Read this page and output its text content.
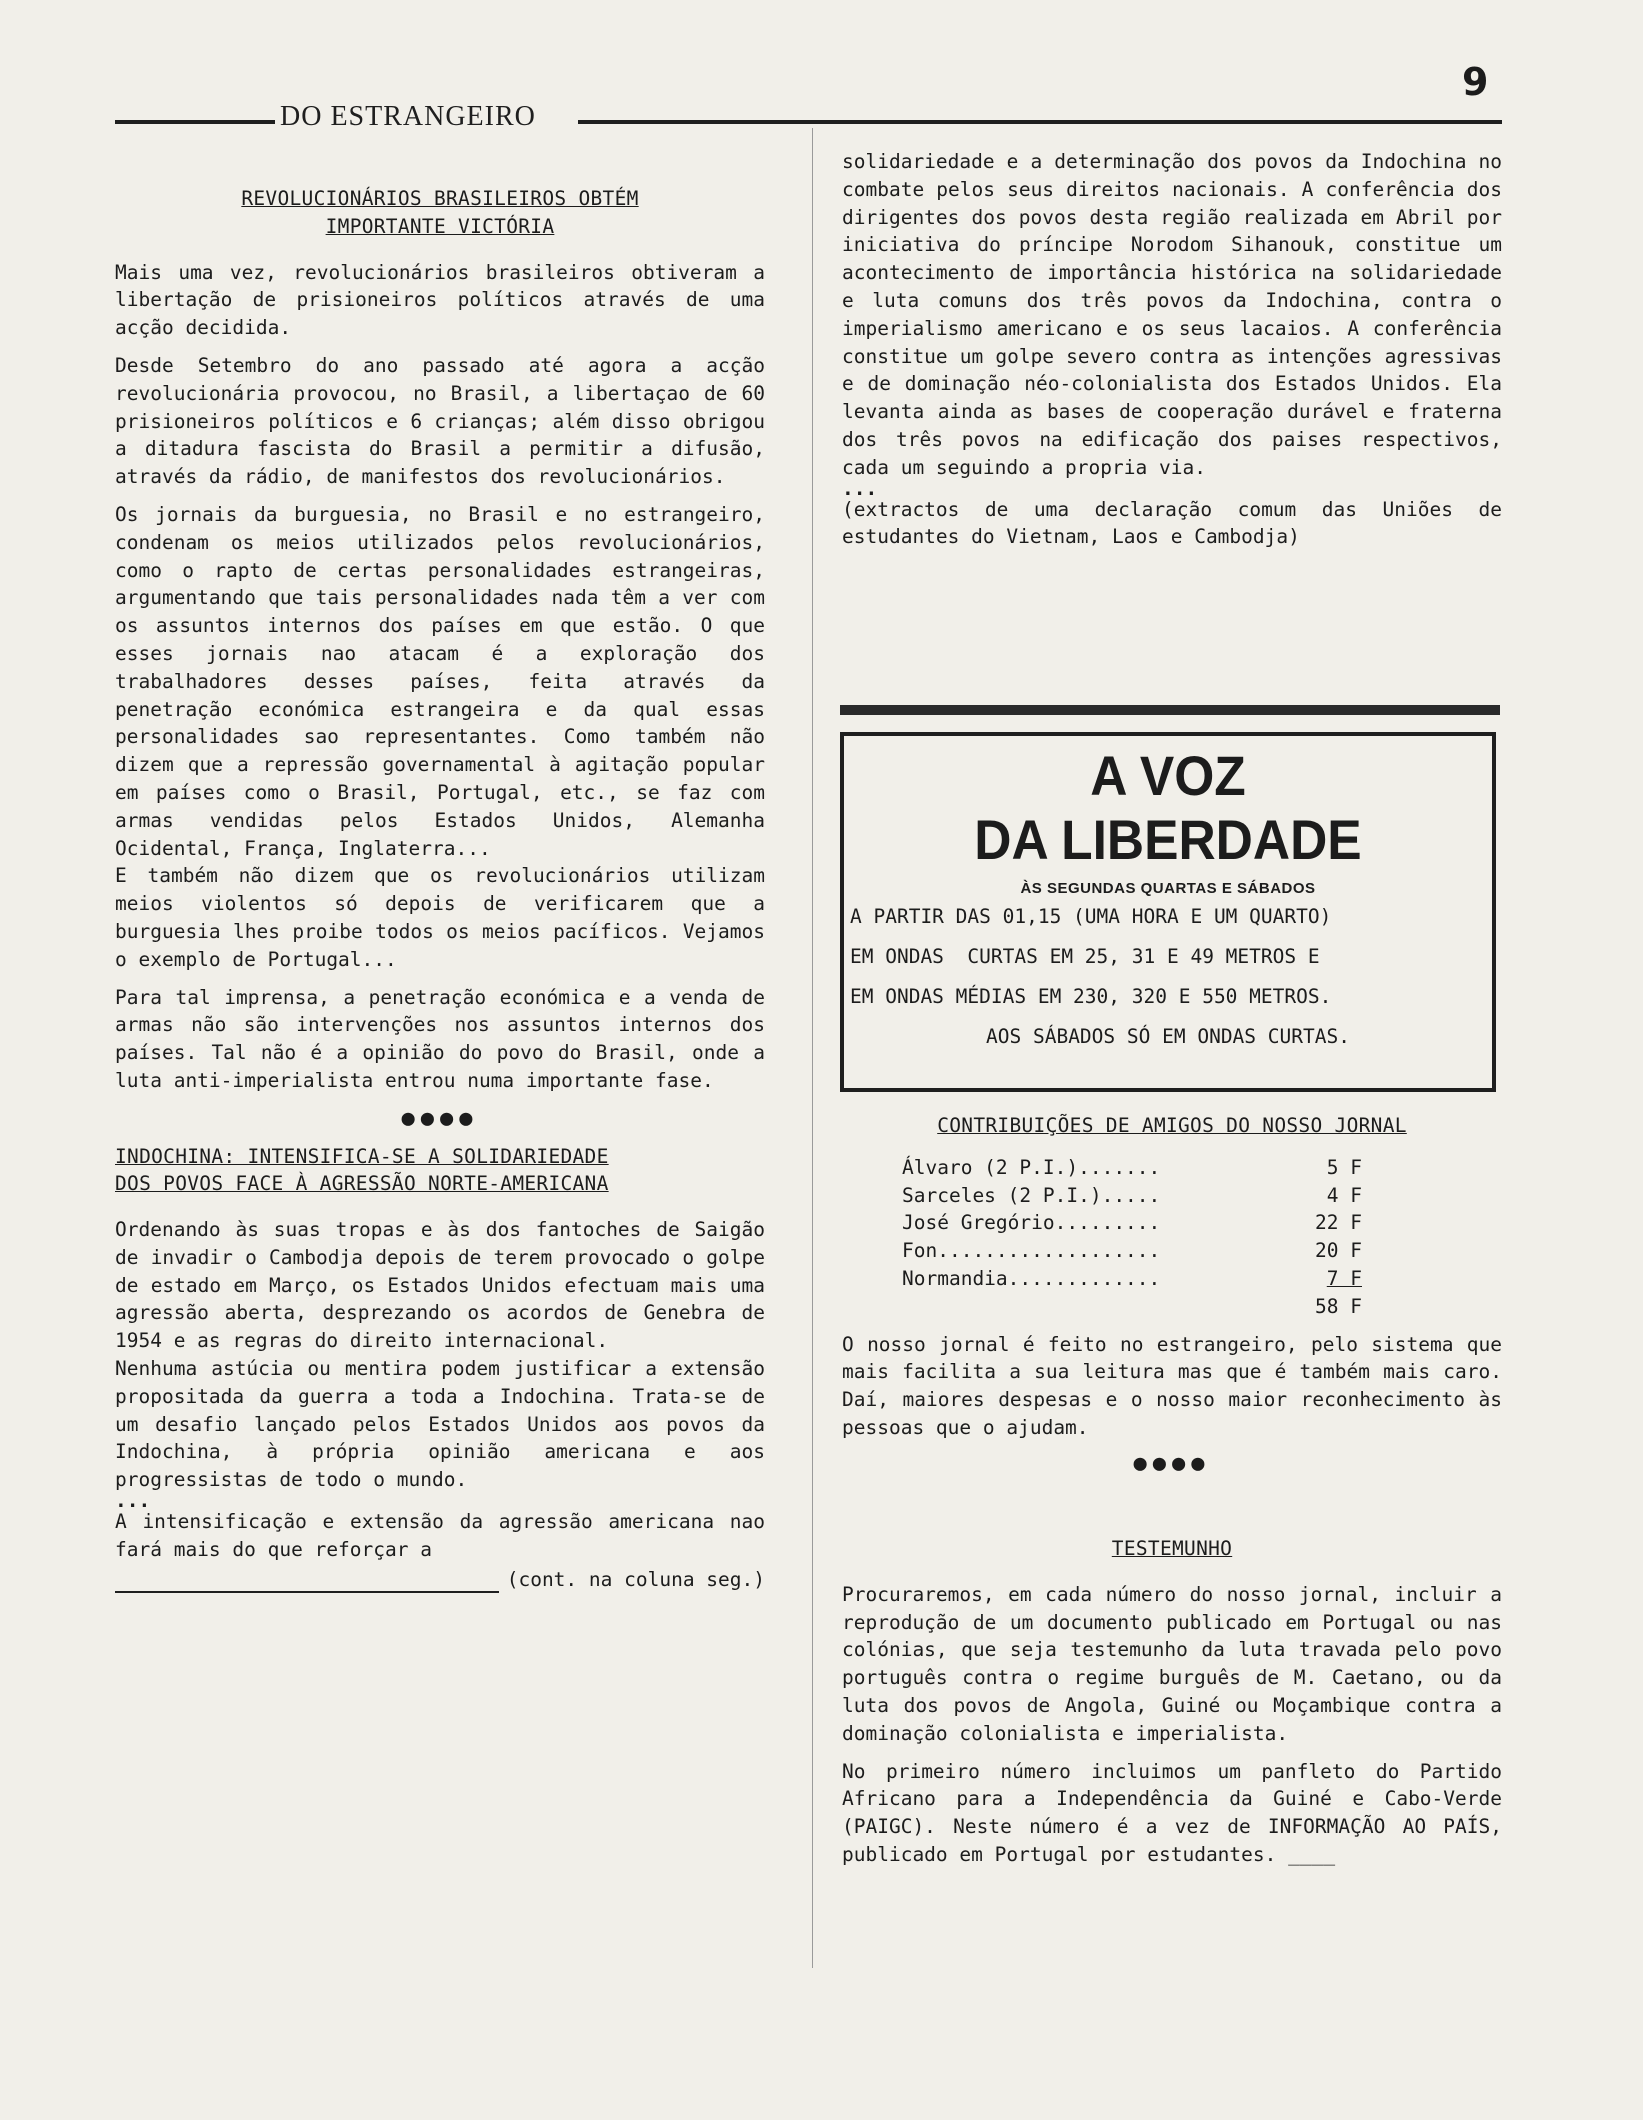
DO ESTRANGEIRO
9
REVOLUCIONÁRIOS BRASILEIROS OBTÉM
IMPORTANTE VICTÓRIA

Mais uma vez, revolucionários brasileiros obtiveram a libertação de prisioneiros políticos através de uma acção decidida.

Desde Setembro do ano passado até agora a acção revolucionária provocou, no Brasil, a libertaçao de 60 prisioneiros políticos e 6 crianças; além disso obrigou a ditadura fascista do Brasil a permitir a difusão, através da rádio, de manifestos dos revolucionários.

Os jornais da burguesia, no Brasil e no estrangeiro, condenam os meios utilizados pelos revolucionários, como o rapto de certas personalidades estrangeiras, argumentando que tais personalidades nada têm a ver com os assuntos internos dos países em que estão. O que esses jornais nao atacam é a exploração dos trabalhadores desses países, feita através da penetração económica estrangeira e da qual essas personalidades sao representantes. Como também não dizem que a repressão governamental à agitação popular em países como o Brasil, Portugal, etc., se faz com armas vendidas pelos Estados Unidos, Alemanha Ocidental, França, Inglaterra...
E também não dizem que os revolucionários utilizam meios violentos só depois de verificarem que a burguesia lhes proibe todos os meios pacíficos. Vejamos o exemplo de Portugal...

Para tal imprensa, a penetração económica e a venda de armas não são intervenções nos assuntos internos dos países. Tal não é a opinião do povo do Brasil, onde a luta anti-imperialista entrou numa importante fase.

●●●●
INDOCHINA: INTENSIFICA-SE A SOLIDARIEDADE
DOS POVOS FACE À AGRESSÃO NORTE-AMERICANA

Ordenando às suas tropas e às dos fantoches de Saigão de invadir o Cambodja depois de terem provocado o golpe de estado em Março, os Estados Unidos efectuam mais uma agressão aberta, desprezando os acordos de Genebra de 1954 e as regras do direito internacional.
Nenhuma astúcia ou mentira podem justificar a extensão propositada da guerra a toda a Indochina. Trata-se de um desafio lançado pelos Estados Unidos aos povos da Indochina, à própria opinião americana e aos progressistas de todo o mundo.

...

A intensificação e extensão da agressão americana nao fará mais do que reforçar a

(cont. na coluna seg.)

solidariedade e a determinação dos povos da Indochina no combate pelos seus direitos nacionais. A conferência dos dirigentes dos povos desta região realizada em Abril por iniciativa do príncipe Norodom Sihanouk, constitue um acontecimento de importância histórica na solidariedade e luta comuns dos três povos da Indochina, contra o imperialismo americano e os seus lacaios. A conferência constitue um golpe severo contra as intenções agressivas e de dominação néo-colonialista dos Estados Unidos. Ela levanta ainda as bases de cooperação durável e fraterna dos três povos na edificação dos paises respectivos, cada um seguindo a propria via.

...

(extractos de uma declaração comum das Uniões de estudantes do Vietnam, Laos e Cambodja)

A VOZ
DA LIBERDADE
ÀS SEGUNDAS QUARTAS E SÁBADOS
A PARTIR DAS 01,15 (UMA HORA E UM QUARTO)
EM ONDAS  CURTAS EM 25, 31 E 49 METROS E
EM ONDAS MÉDIAS EM 230, 320 E 550 METROS.
AOS SÁBADOS SÓ EM ONDAS CURTAS.
CONTRIBUIÇÕES DE AMIGOS DO NOSSO JORNAL
Álvaro (2 P.I.).......	5 F
Sarceles (2 P.I.).....	4 F
José Gregório.........	22 F
Fon...................	20 F
Normandia.............	7 F
58 F

O nosso jornal é feito no estrangeiro, pelo sistema que mais facilita a sua leitura mas que é também mais caro. Daí, maiores despesas e o nosso maior reconhecimento às pessoas que o ajudam.

●●●●
TESTEMUNHO

Procuraremos, em cada número do nosso jornal, incluir a reprodução de um documento publicado em Portugal ou nas colónias, que seja testemunho da luta travada pelo povo português contra o regime burguês de M. Caetano, ou da luta dos povos de Angola, Guiné ou Moçambique contra a dominação colonialista e imperialista.

No primeiro número incluimos um panfleto do Partido Africano para a Independência da Guiné e Cabo-Verde (PAIGC). Neste número é a vez de INFORMAÇÃO AO PAÍS, publicado em Portugal por estudantes. ____
